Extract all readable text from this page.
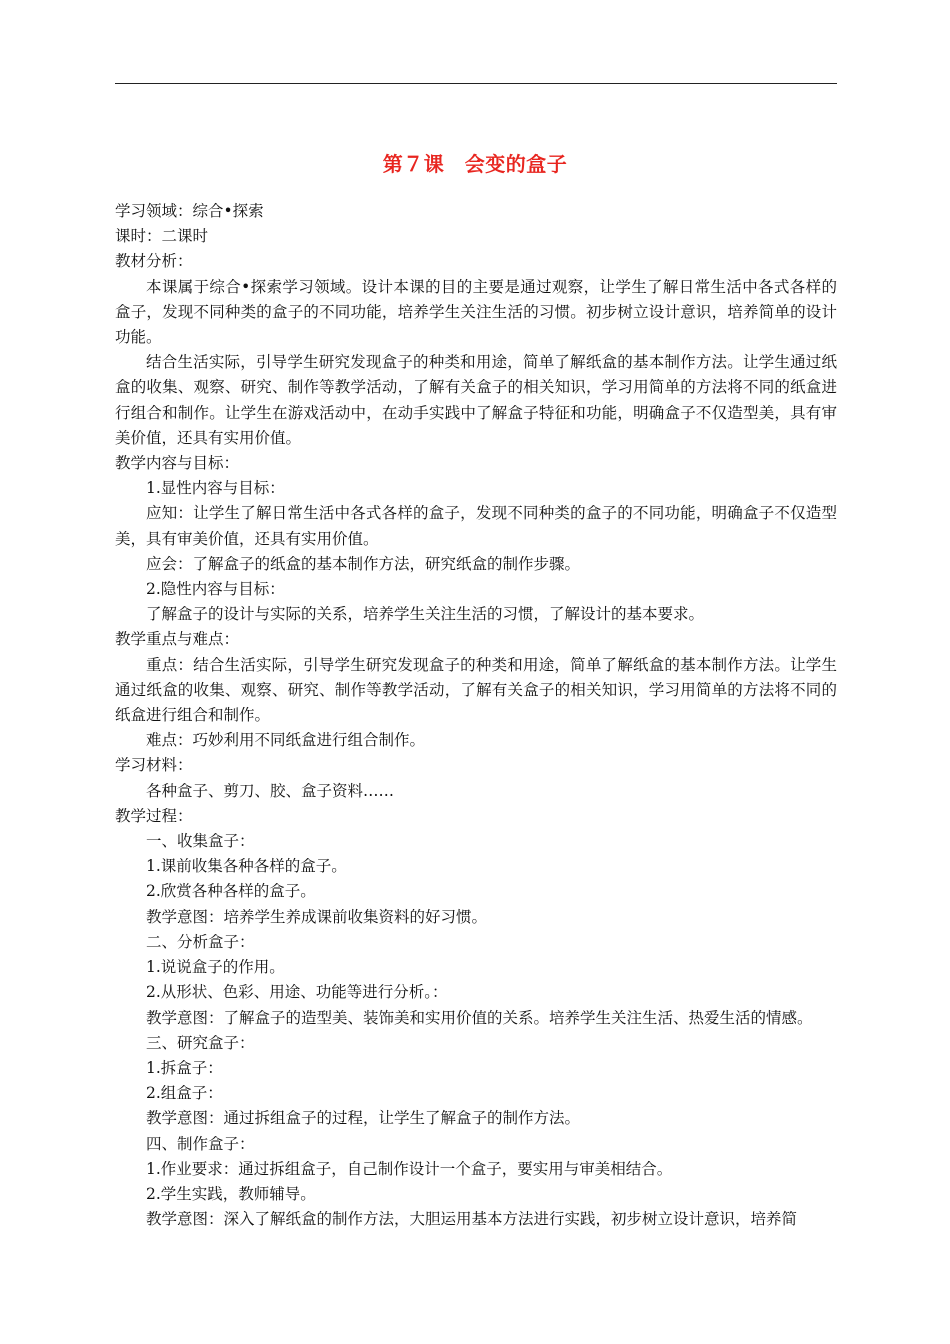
第７课　会变的盒子

学习领域：综合•探索

课时：二课时

教材分析：

本课属于综合•探索学习领域。设计本课的目的主要是通过观察，让学生了解日常生活中各式各样的盒子，发现不同种类的盒子的不同功能，培养学生关注生活的习惯。初步树立设计意识，培养简单的设计功能。

结合生活实际，引导学生研究发现盒子的种类和用途，简单了解纸盒的基本制作方法。让学生通过纸盒的收集、观察、研究、制作等教学活动，了解有关盒子的相关知识，学习用简单的方法将不同的纸盒进行组合和制作。让学生在游戏活动中，在动手实践中了解盒子特征和功能，明确盒子不仅造型美，具有审美价值，还具有实用价值。

教学内容与目标：

1.显性内容与目标：

应知：让学生了解日常生活中各式各样的盒子，发现不同种类的盒子的不同功能，明确盒子不仅造型美，具有审美价值，还具有实用价值。

应会：了解盒子的纸盒的基本制作方法，研究纸盒的制作步骤。

2.隐性内容与目标：

了解盒子的设计与实际的关系，培养学生关注生活的习惯，了解设计的基本要求。

教学重点与难点：

重点：结合生活实际，引导学生研究发现盒子的种类和用途，简单了解纸盒的基本制作方法。让学生通过纸盒的收集、观察、研究、制作等教学活动，了解有关盒子的相关知识，学习用简单的方法将不同的纸盒进行组合和制作。

难点：巧妙利用不同纸盒进行组合制作。

学习材料：

各种盒子、剪刀、胶、盒子资料……

教学过程：

一、收集盒子：

1.课前收集各种各样的盒子。

2.欣赏各种各样的盒子。

教学意图：培养学生养成课前收集资料的好习惯。

二、分析盒子：

1.说说盒子的作用。

2.从形状、色彩、用途、功能等进行分析。：

教学意图：了解盒子的造型美、装饰美和实用价值的关系。培养学生关注生活、热爱生活的情感。

三、研究盒子：

1.拆盒子：

2.组盒子：

教学意图：通过拆组盒子的过程，让学生了解盒子的制作方法。

四、制作盒子：

1.作业要求：通过拆组盒子，自己制作设计一个盒子，要实用与审美相结合。

2.学生实践，教师辅导。

教学意图：深入了解纸盒的制作方法，大胆运用基本方法进行实践，初步树立设计意识，培养简
